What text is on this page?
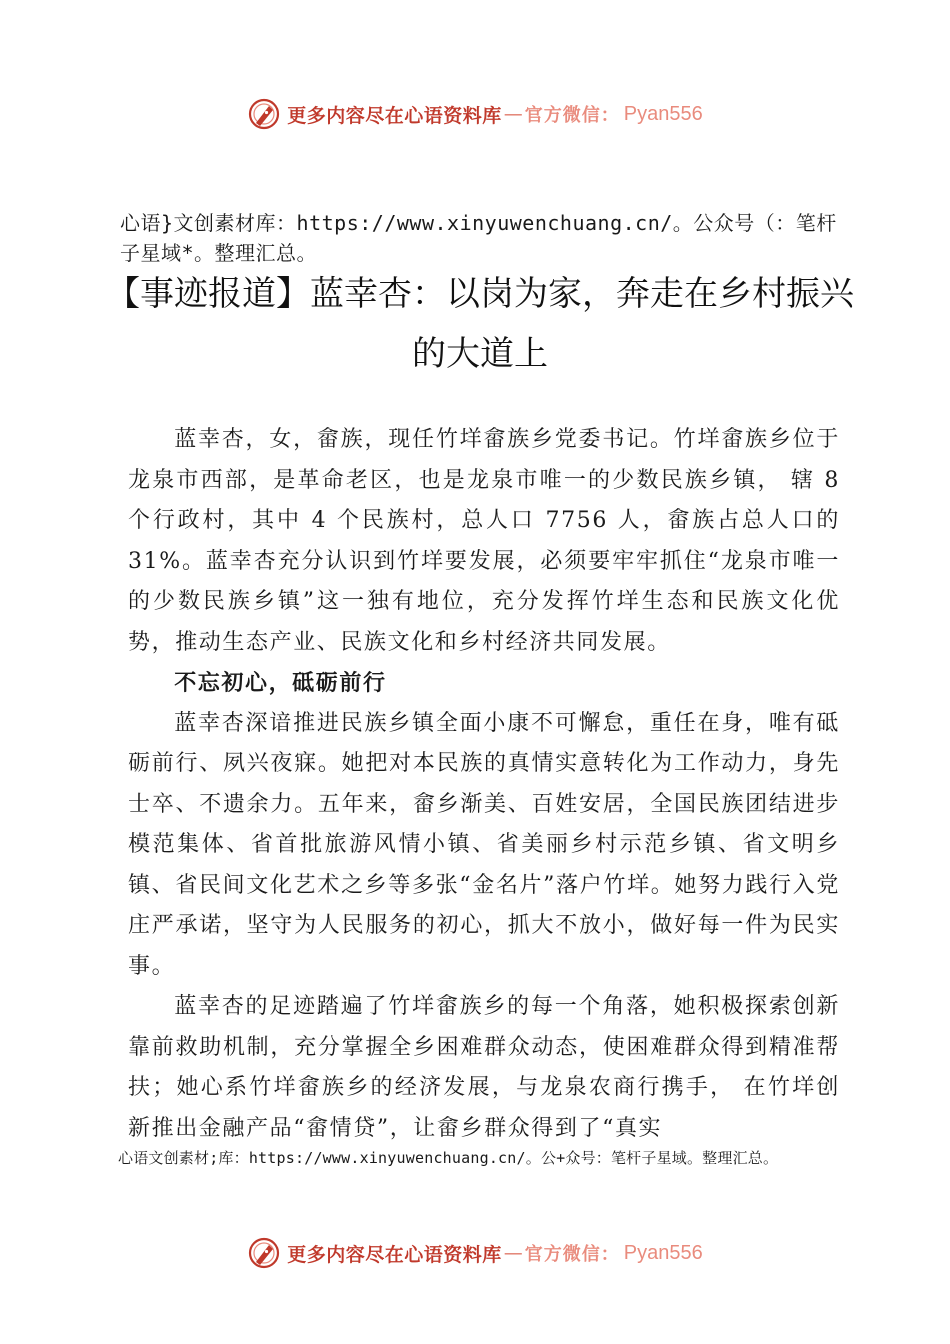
更多内容尽在心语资料库 — 官方微信： Pyan556
心语}文创素材库：https://www.xinyuwenchuang.cn/。公众号（：笔杆子星域*。整理汇总。
【事迹报道】蓝幸杏：以岗为家，奔走在乡村振兴的大道上

蓝幸杏，女，畲族，现任竹垟畲族乡党委书记。竹垟畲族乡位于龙泉市西部，是革命老区，也是龙泉市唯一的少数民族乡镇， 辖 8 个行政村，其中 4 个民族村，总人口 7756 人，畲族占总人口的 31%。蓝幸杏充分认识到竹垟要发展，必须要牢牢抓住“龙泉市唯一的少数民族乡镇”这一独有地位，充分发挥竹垟生态和民族文化优势，推动生态产业、民族文化和乡村经济共同发展。

不忘初心，砥砺前行

蓝幸杏深谙推进民族乡镇全面小康不可懈怠，重任在身，唯有砥砺前行、夙兴夜寐。她把对本民族的真情实意转化为工作动力，身先士卒、不遗余力。五年来，畲乡渐美、百姓安居，全国民族团结进步模范集体、省首批旅游风情小镇、省美丽乡村示范乡镇、省文明乡镇、省民间文化艺术之乡等多张“金名片”落户竹垟。她努力践行入党庄严承诺，坚守为人民服务的初心，抓大不放小，做好每一件为民实事。

蓝幸杏的足迹踏遍了竹垟畲族乡的每一个角落，她积极探索创新靠前救助机制，充分掌握全乡困难群众动态，使困难群众得到精准帮扶；她心系竹垟畲族乡的经济发展，与龙泉农商行携手， 在竹垟创新推出金融产品“畲情贷”，让畲乡群众得到了“真实

心语文创素材;库：https://www.xinyuwenchuang.cn/。公+众号：笔杆子星域。整理汇总。
更多内容尽在心语资料库 — 官方微信： Pyan556
